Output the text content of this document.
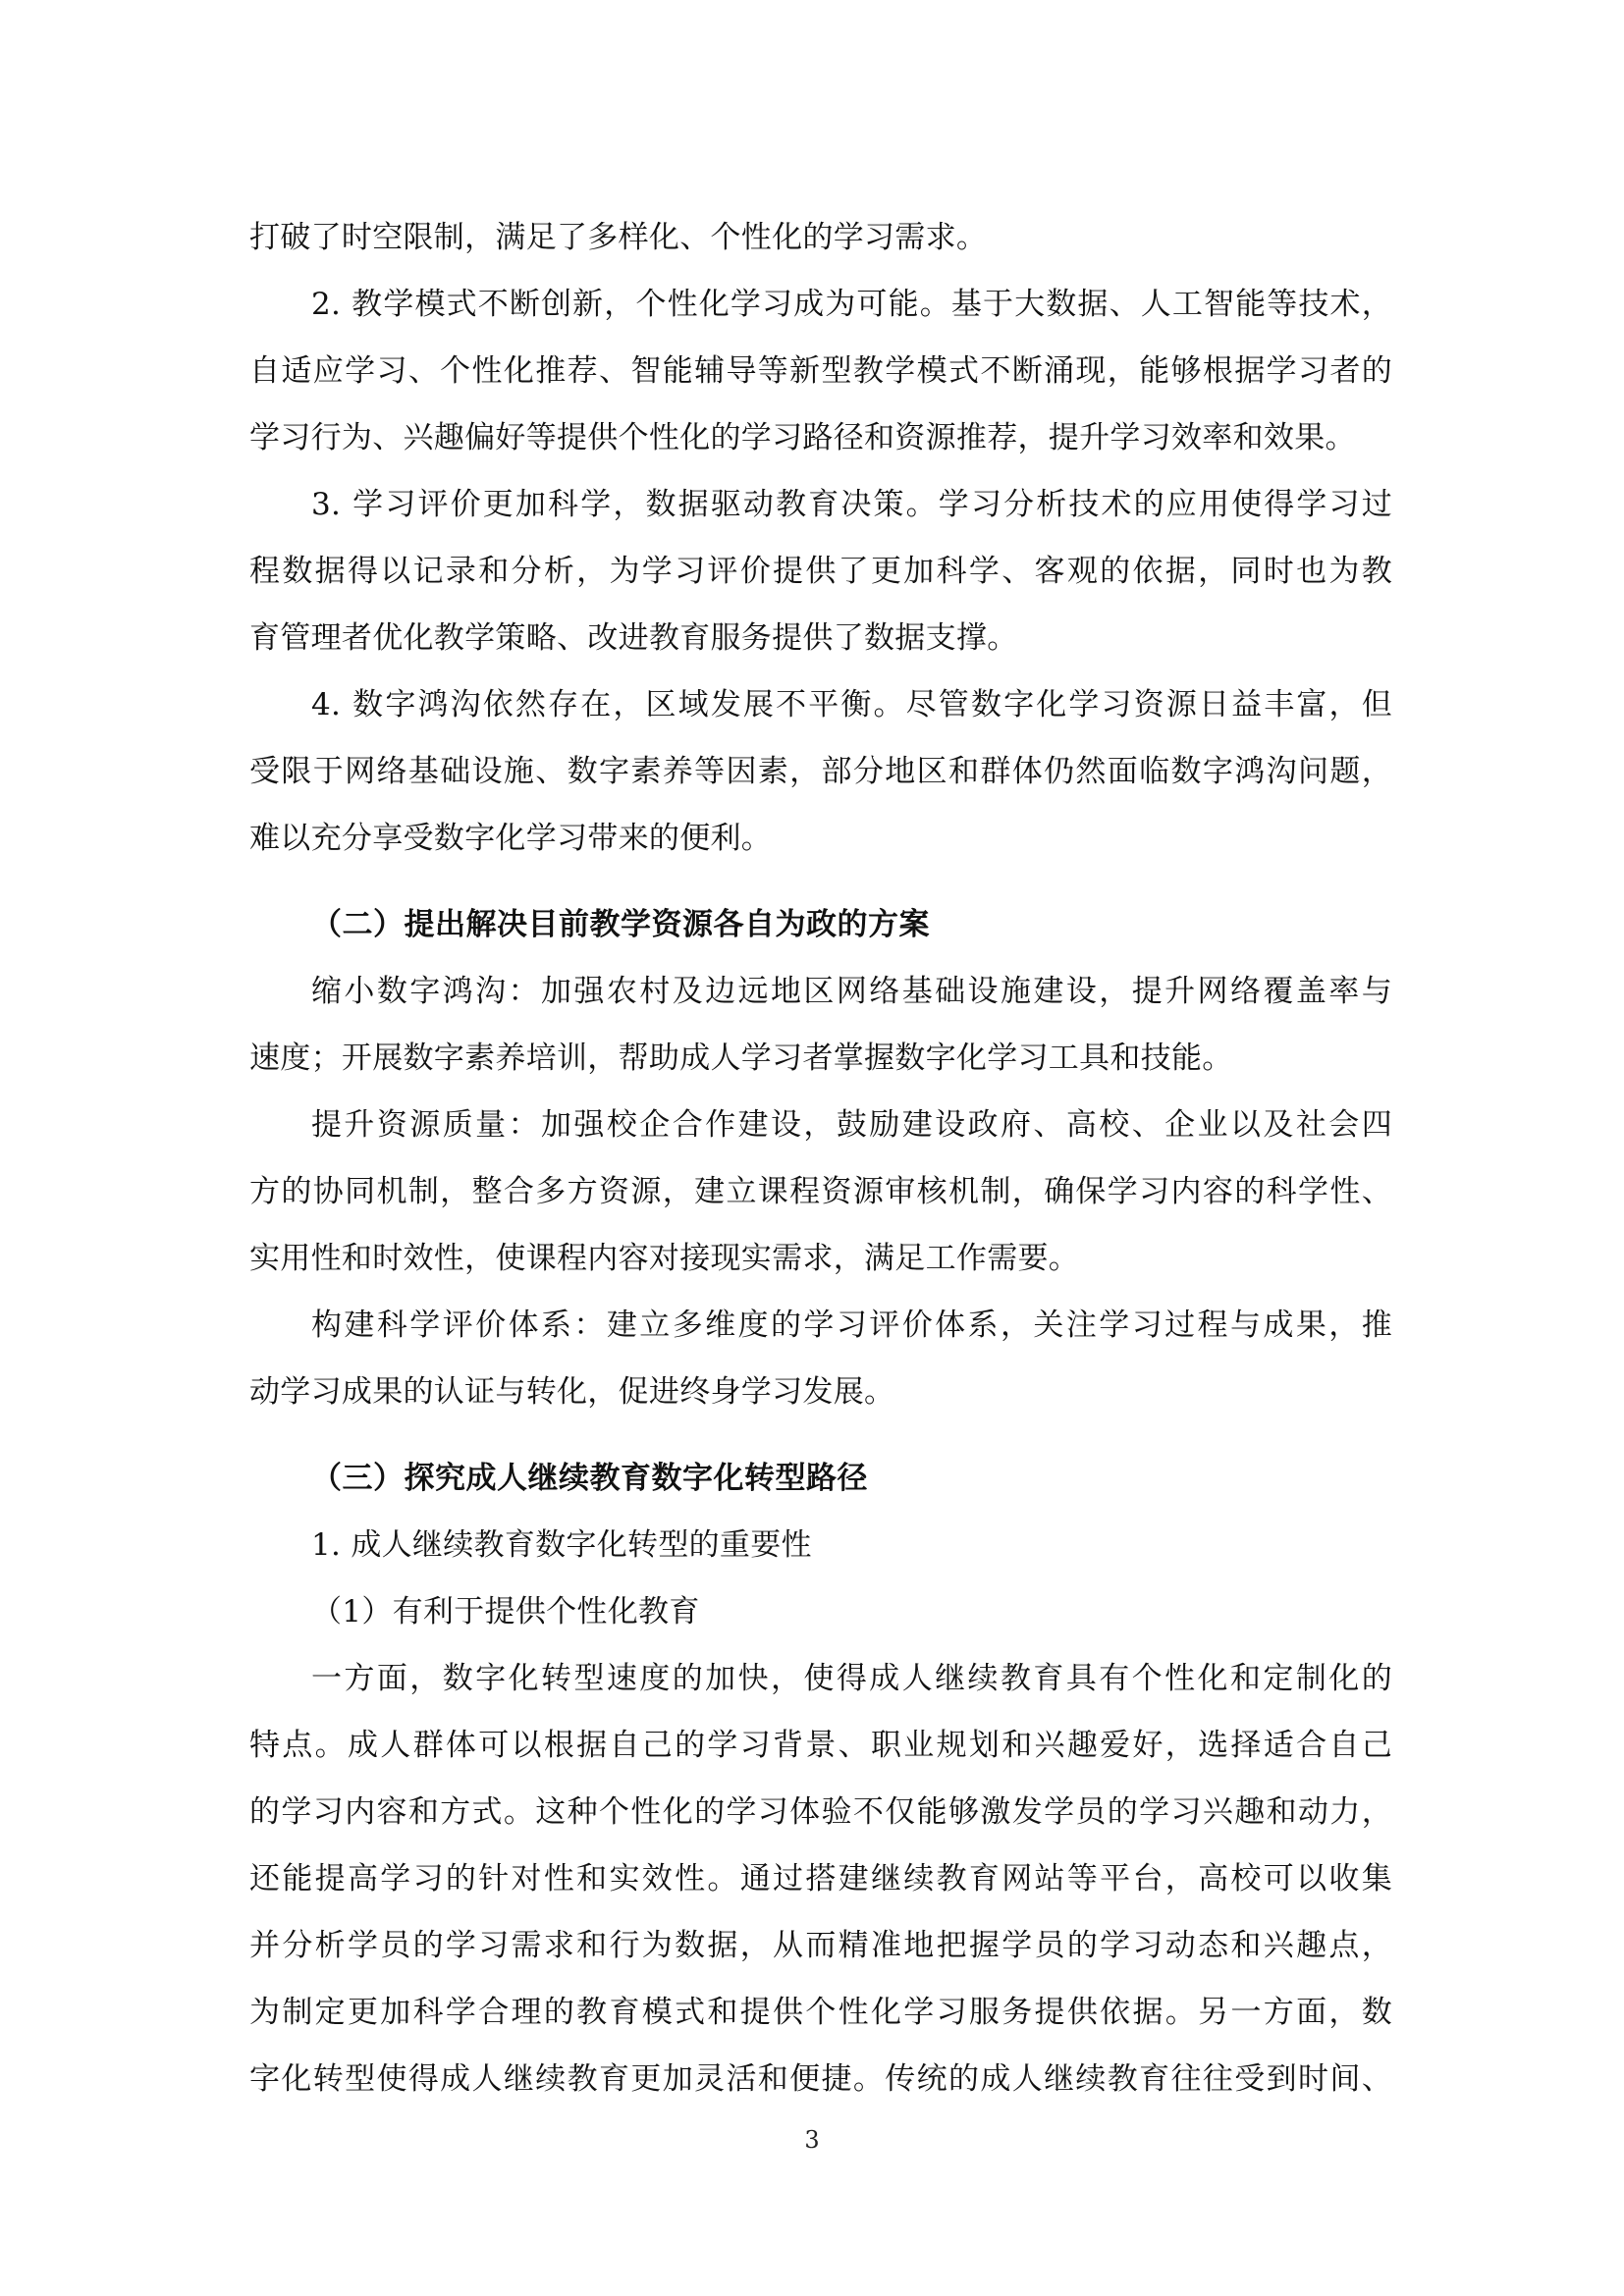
打破了时空限制，满足了多样化、个性化的学习需求。
2. 教学模式不断创新，个性化学习成为可能。基于大数据、人工智能等技术，
自适应学习、个性化推荐、智能辅导等新型教学模式不断涌现，能够根据学习者的
学习行为、兴趣偏好等提供个性化的学习路径和资源推荐，提升学习效率和效果。
3. 学习评价更加科学，数据驱动教育决策。学习分析技术的应用使得学习过
程数据得以记录和分析，为学习评价提供了更加科学、客观的依据，同时也为教
育管理者优化教学策略、改进教育服务提供了数据支撑。
4. 数字鸿沟依然存在，区域发展不平衡。尽管数字化学习资源日益丰富，但
受限于网络基础设施、数字素养等因素，部分地区和群体仍然面临数字鸿沟问题，
难以充分享受数字化学习带来的便利。
（二）提出解决目前教学资源各自为政的方案
缩小数字鸿沟：加强农村及边远地区网络基础设施建设，提升网络覆盖率与
速度；开展数字素养培训，帮助成人学习者掌握数字化学习工具和技能。
提升资源质量：加强校企合作建设，鼓励建设政府、高校、企业以及社会四
方的协同机制，整合多方资源，建立课程资源审核机制，确保学习内容的科学性、
实用性和时效性，使课程内容对接现实需求，满足工作需要。
构建科学评价体系：建立多维度的学习评价体系，关注学习过程与成果，推
动学习成果的认证与转化，促进终身学习发展。
（三）探究成人继续教育数字化转型路径
1. 成人继续教育数字化转型的重要性
（1）有利于提供个性化教育
一方面，数字化转型速度的加快，使得成人继续教育具有个性化和定制化的
特点。成人群体可以根据自己的学习背景、职业规划和兴趣爱好，选择适合自己
的学习内容和方式。这种个性化的学习体验不仅能够激发学员的学习兴趣和动力，
还能提高学习的针对性和实效性。通过搭建继续教育网站等平台，高校可以收集
并分析学员的学习需求和行为数据，从而精准地把握学员的学习动态和兴趣点，
为制定更加科学合理的教育模式和提供个性化学习服务提供依据。另一方面，数
字化转型使得成人继续教育更加灵活和便捷。传统的成人继续教育往往受到时间、
3
